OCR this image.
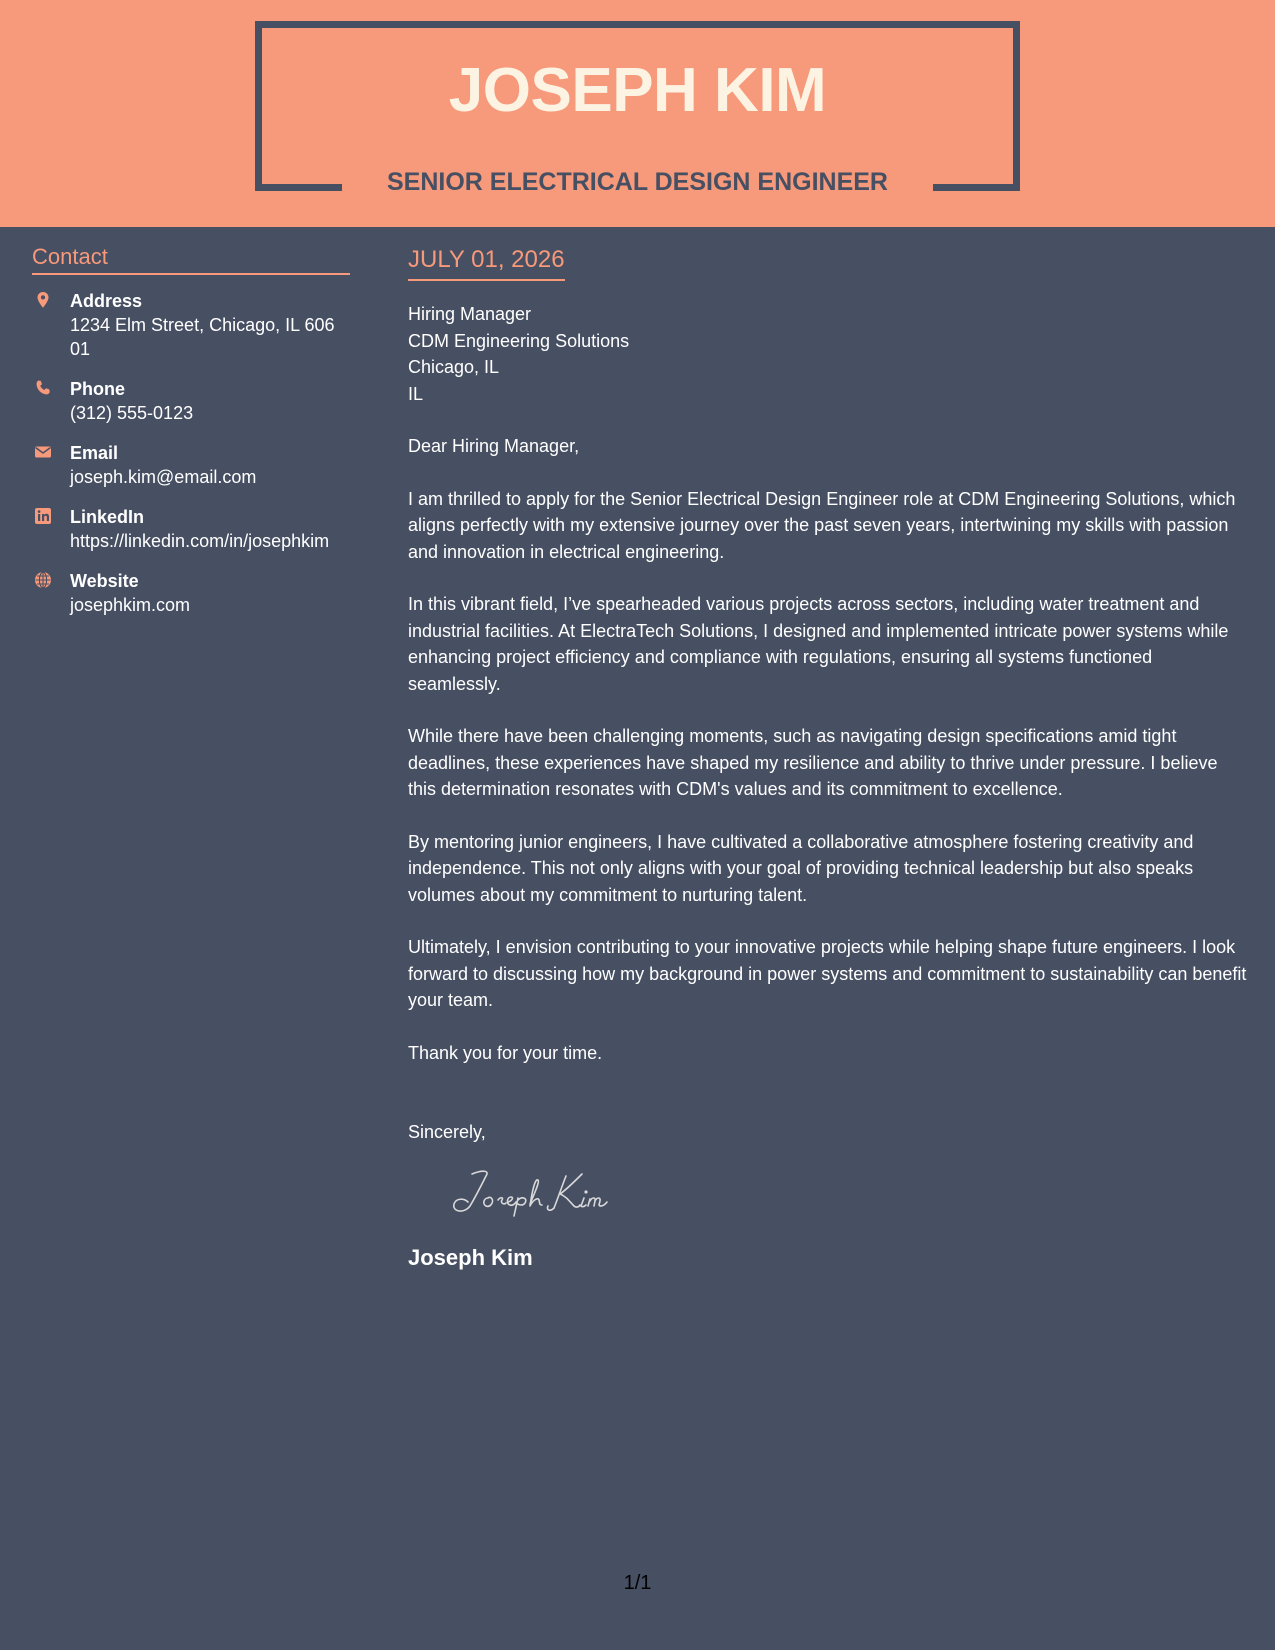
JOSEPH KIM
SENIOR ELECTRICAL DESIGN ENGINEER
Contact
Address
1234 Elm Street, Chicago, IL 60601
Phone
(312) 555-0123
Email
joseph.kim@email.com
LinkedIn
https://linkedin.com/in/josephkim
Website
josephkim.com
JULY 01, 2026
Hiring Manager
CDM Engineering Solutions
Chicago, IL
IL
Dear Hiring Manager,
I am thrilled to apply for the Senior Electrical Design Engineer role at CDM Engineering Solutions, which aligns perfectly with my extensive journey over the past seven years, intertwining my skills with passion and innovation in electrical engineering.
In this vibrant field, I’ve spearheaded various projects across sectors, including water treatment and industrial facilities. At ElectraTech Solutions, I designed and implemented intricate power systems while enhancing project efficiency and compliance with regulations, ensuring all systems functioned seamlessly.
While there have been challenging moments, such as navigating design specifications amid tight deadlines, these experiences have shaped my resilience and ability to thrive under pressure. I believe this determination resonates with CDM's values and its commitment to excellence.
By mentoring junior engineers, I have cultivated a collaborative atmosphere fostering creativity and independence. This not only aligns with your goal of providing technical leadership but also speaks volumes about my commitment to nurturing talent.
Ultimately, I envision contributing to your innovative projects while helping shape future engineers. I look forward to discussing how my background in power systems and commitment to sustainability can benefit your team.
Thank you for your time.
Sincerely,
Joseph Kim
1/1
